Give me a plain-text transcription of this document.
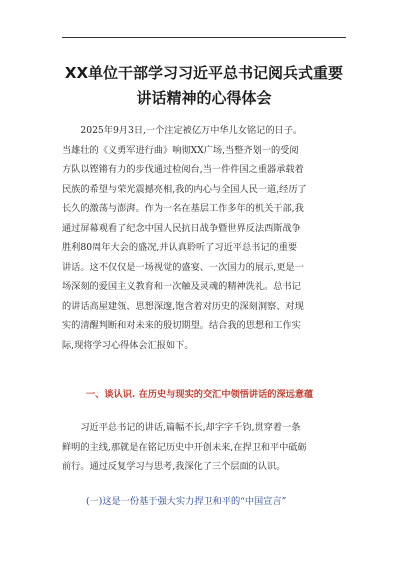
XX单位干部学习习近平总书记阅兵式重要
讲话精神的心得体会
　　2025年9月3日,一个注定被亿万中华儿女铭记的日子。
当雄壮的《义勇军进行曲》响彻XX广场,当整齐划一的受阅
方队以铿锵有力的步伐通过检阅台,当一件件国之重器承载着
民族的希望与荣光震撼亮相,我的内心与全国人民一道,经历了
长久的激荡与澎湃。作为一名在基层工作多年的机关干部,我
通过屏幕观看了纪念中国人民抗日战争暨世界反法西斯战争
胜利80周年大会的盛况,并认真聆听了习近平总书记的重要
讲话。这不仅仅是一场视觉的盛宴、一次国力的展示,更是一
场深刻的爱国主义教育和一次触及灵魂的精神洗礼。总书记
的讲话高屋建瓴、思想深邃,饱含着对历史的深刻洞察、对现
实的清醒判断和对未来的殷切期望。结合我的思想和工作实
际,现将学习心得体会汇报如下。
一、谈认识. 在历史与现实的交汇中领悟讲话的深远意蕴
　　习近平总书记的讲话,篇幅不长,却字字千钧,贯穿着一条
鲜明的主线,那就是在铭记历史中开创未来,在捍卫和平中砥砺
前行。通过反复学习与思考,我深化了三个层面的认识。
(一)这是一份基于强大实力捍卫和平的“中国宣言”
